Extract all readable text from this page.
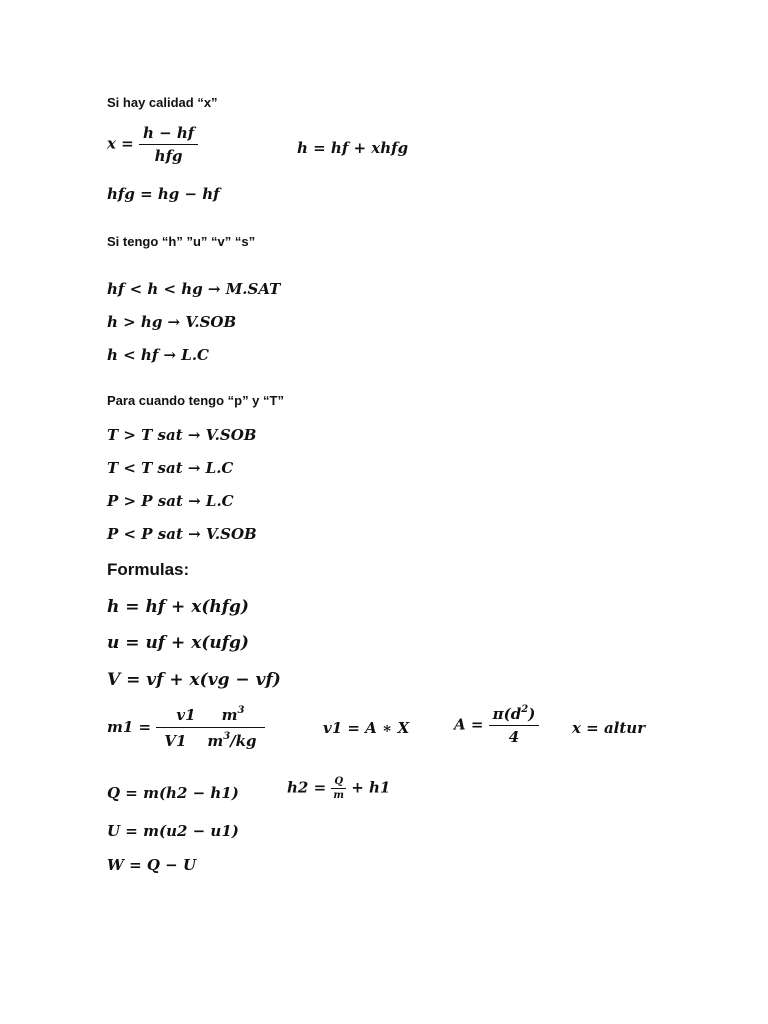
Si hay calidad “x”
$x = \frac{h - hf}{\text{hfg}}$	h = hf + xhfg
hfg = hg − hf
Si tengo “h” ”u” “v” “s”
hf < h < hg → M.SAT
h > hg → V.SOB
h < hf → L.C
Para cuando tengo “p” y “T”
T > T sat → V.SOB
T < T sat → L.C
P > P sat → L.C
P < P sat → V.SOB
Formulas:
h = hf + x(hfg)
u = uf + x(ufg)
V = vf + x(vg − vf)
$m1 = \frac{v1 m^3}{V1 m^3/kg}$	v1 = A ∗ X	$A = \frac{\pi(d^2)}{4}$ x = altur
Q = m(h2 − h1)	$h2 = \frac{Q}{m} + h1$
U = m(u2 − u1)
W = Q − U
